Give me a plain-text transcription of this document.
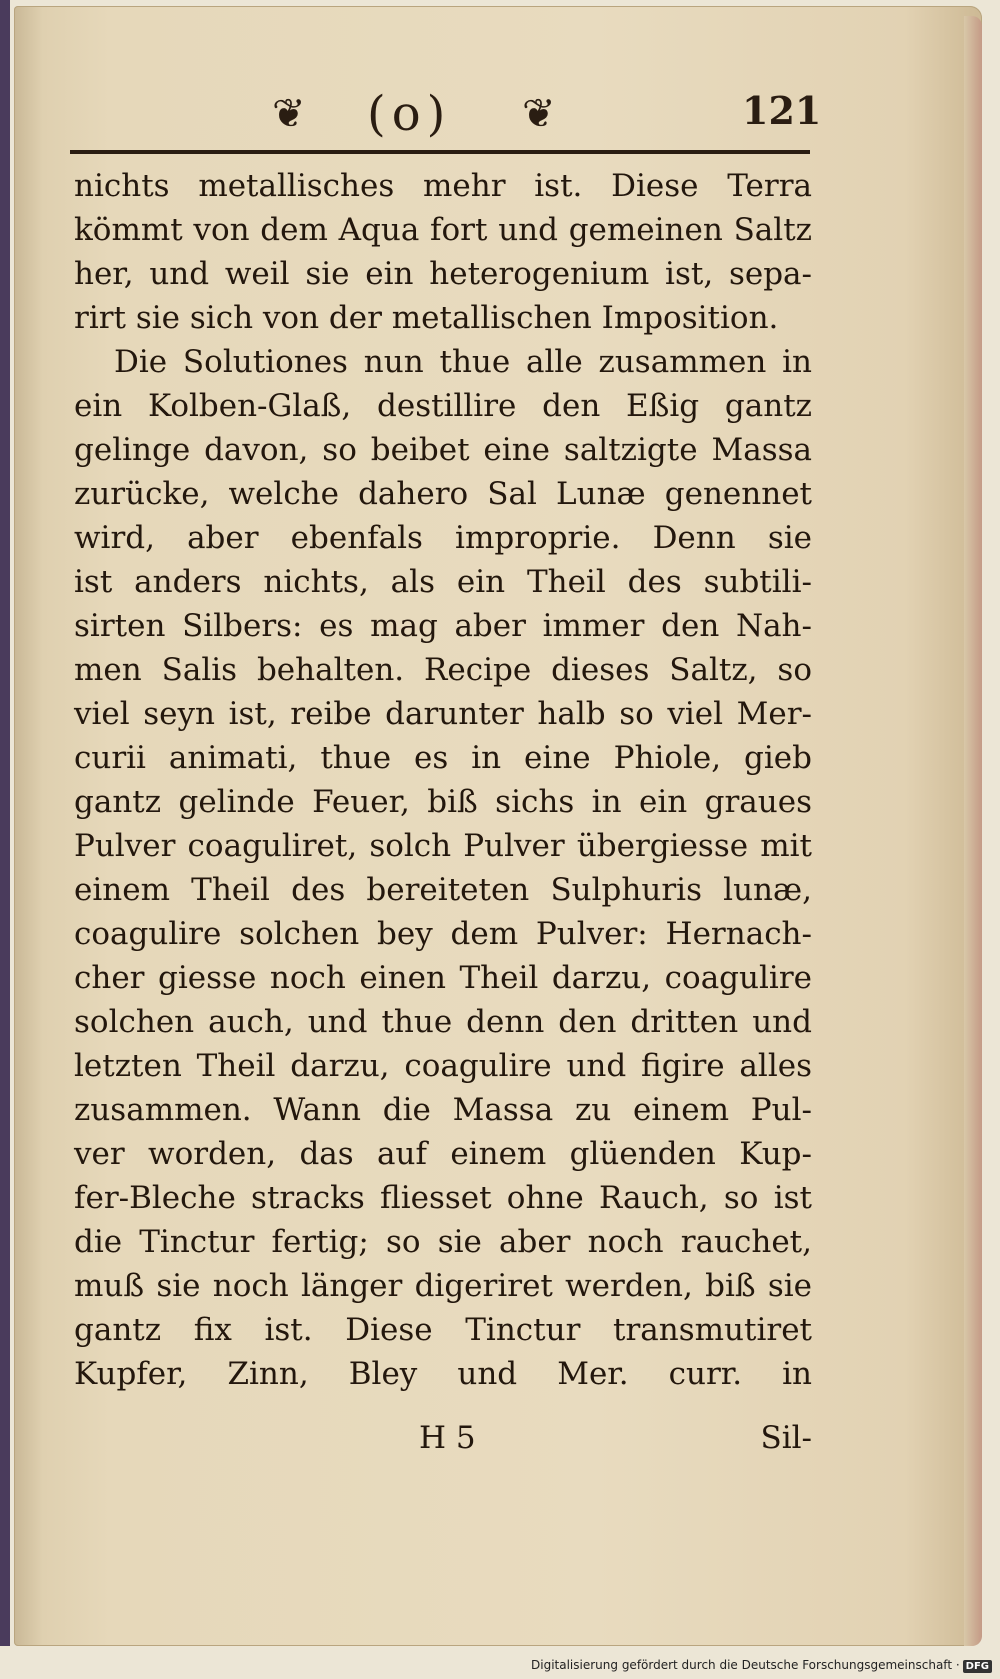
❦ (o) ❦	121
nichts metallisches mehr ist. Diese Terra
kömmt von dem Aqua fort und gemeinen Saltz
her, und weil sie ein heterogenium ist, sepa-
rirt sie sich von der metallischen Imposition.
Die Solutiones nun thue alle zusammen in
ein Kolben-Glaß, destillire den Eßig gantz
gelinge davon, so beibet eine saltzigte Massa
zurücke, welche dahero Sal Lunæ genennet
wird, aber ebenfals improprie. Denn sie
ist anders nichts, als ein Theil des subtili-
sirten Silbers: es mag aber immer den Nah-
men Salis behalten. Recipe dieses Saltz, so
viel seyn ist, reibe darunter halb so viel Mer-
curii animati, thue es in eine Phiole, gieb
gantz gelinde Feuer, biß sichs in ein graues
Pulver coaguliret, solch Pulver übergiesse mit
einem Theil des bereiteten Sulphuris lunæ,
coagulire solchen bey dem Pulver: Hernach-
cher giesse noch einen Theil darzu, coagulire
solchen auch, und thue denn den dritten und
letzten Theil darzu, coagulire und figire alles
zusammen. Wann die Massa zu einem Pul-
ver worden, das auf einem glüenden Kup-
fer-Bleche stracks fliesset ohne Rauch, so ist
die Tinctur fertig; so sie aber noch rauchet,
muß sie noch länger digeriret werden, biß sie
gantz fix ist. Diese Tinctur transmutiret
Kupfer, Zinn, Bley und Mer. curr. in
H 5	Sil-
Digitalisierung gefördert durch die Deutsche Forschungsgemeinschaft · DFG
